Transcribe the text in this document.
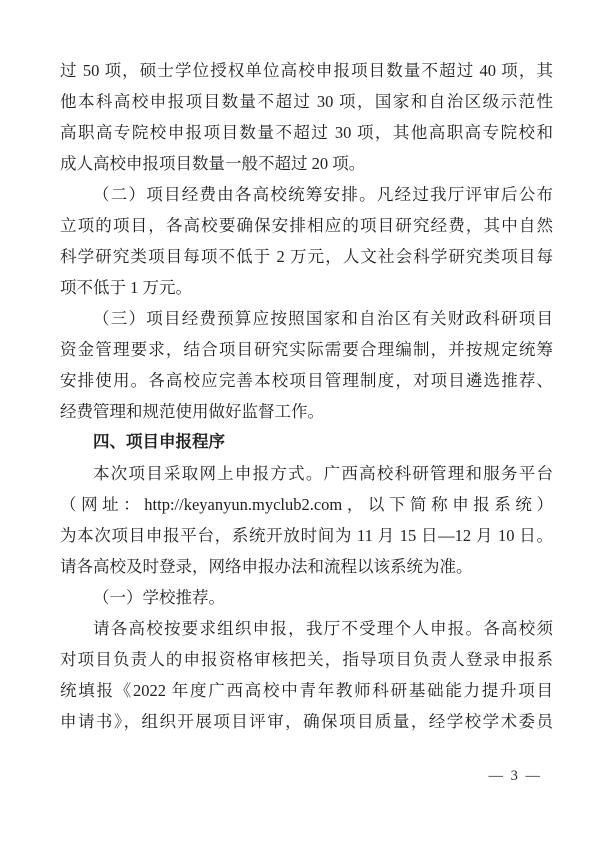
过 50 项，硕士学位授权单位高校申报项目数量不超过 40 项，其
他本科高校申报项目数量不超过 30 项，国家和自治区级示范性
高职高专院校申报项目数量不超过 30 项，其他高职高专院校和
成人高校申报项目数量一般不超过 20 项。
（二）项目经费由各高校统筹安排。凡经过我厅评审后公布
立项的项目，各高校要确保安排相应的项目研究经费，其中自然
科学研究类项目每项不低于 2 万元，人文社会科学研究类项目每
项不低于 1 万元。
（三）项目经费预算应按照国家和自治区有关财政科研项目
资金管理要求，结合项目研究实际需要合理编制，并按规定统筹
安排使用。各高校应完善本校项目管理制度，对项目遴选推荐、
经费管理和规范使用做好监督工作。
四、项目申报程序
本次项目采取网上申报方式。广西高校科研管理和服务平台
（网址：http://keyanyun.myclub2.com，以下简称申报系统）
为本次项目申报平台，系统开放时间为 11 月 15 日—12 月 10 日。
请各高校及时登录，网络申报办法和流程以该系统为准。
（一）学校推荐。
请各高校按要求组织申报，我厅不受理个人申报。各高校须
对项目负责人的申报资格审核把关，指导项目负责人登录申报系
统填报《2022 年度广西高校中青年教师科研基础能力提升项目
申请书》，组织开展项目评审，确保项目质量，经学校学术委员
— 3 —
